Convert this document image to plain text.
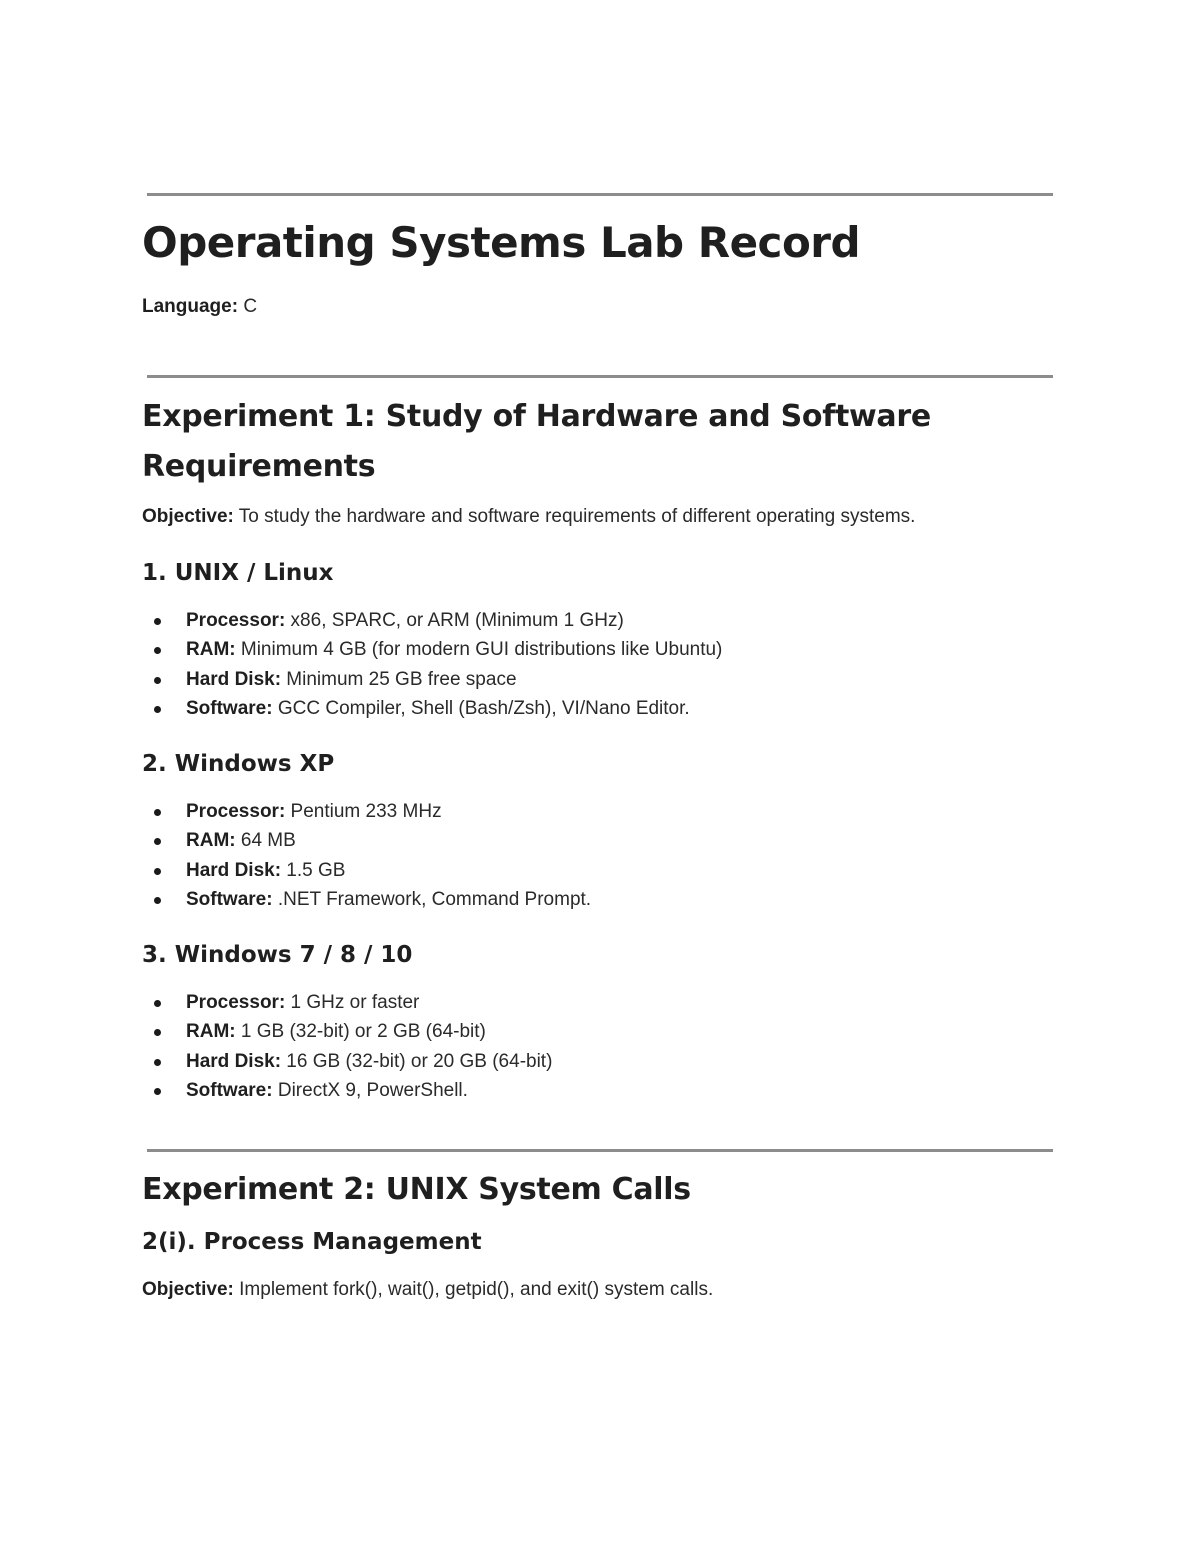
Operating Systems Lab Record

Language: C

Experiment 1: Study of Hardware and Software Requirements

Objective: To study the hardware and software requirements of different operating systems.

1. UNIX / Linux
Processor: x86, SPARC, or ARM (Minimum 1 GHz)
RAM: Minimum 4 GB (for modern GUI distributions like Ubuntu)
Hard Disk: Minimum 25 GB free space
Software: GCC Compiler, Shell (Bash/Zsh), VI/Nano Editor.
2. Windows XP
Processor: Pentium 233 MHz
RAM: 64 MB
Hard Disk: 1.5 GB
Software: .NET Framework, Command Prompt.
3. Windows 7 / 8 / 10
Processor: 1 GHz or faster
RAM: 1 GB (32-bit) or 2 GB (64-bit)
Hard Disk: 16 GB (32-bit) or 20 GB (64-bit)
Software: DirectX 9, PowerShell.
Experiment 2: UNIX System Calls
2(i). Process Management

Objective: Implement fork(), wait(), getpid(), and exit() system calls.
